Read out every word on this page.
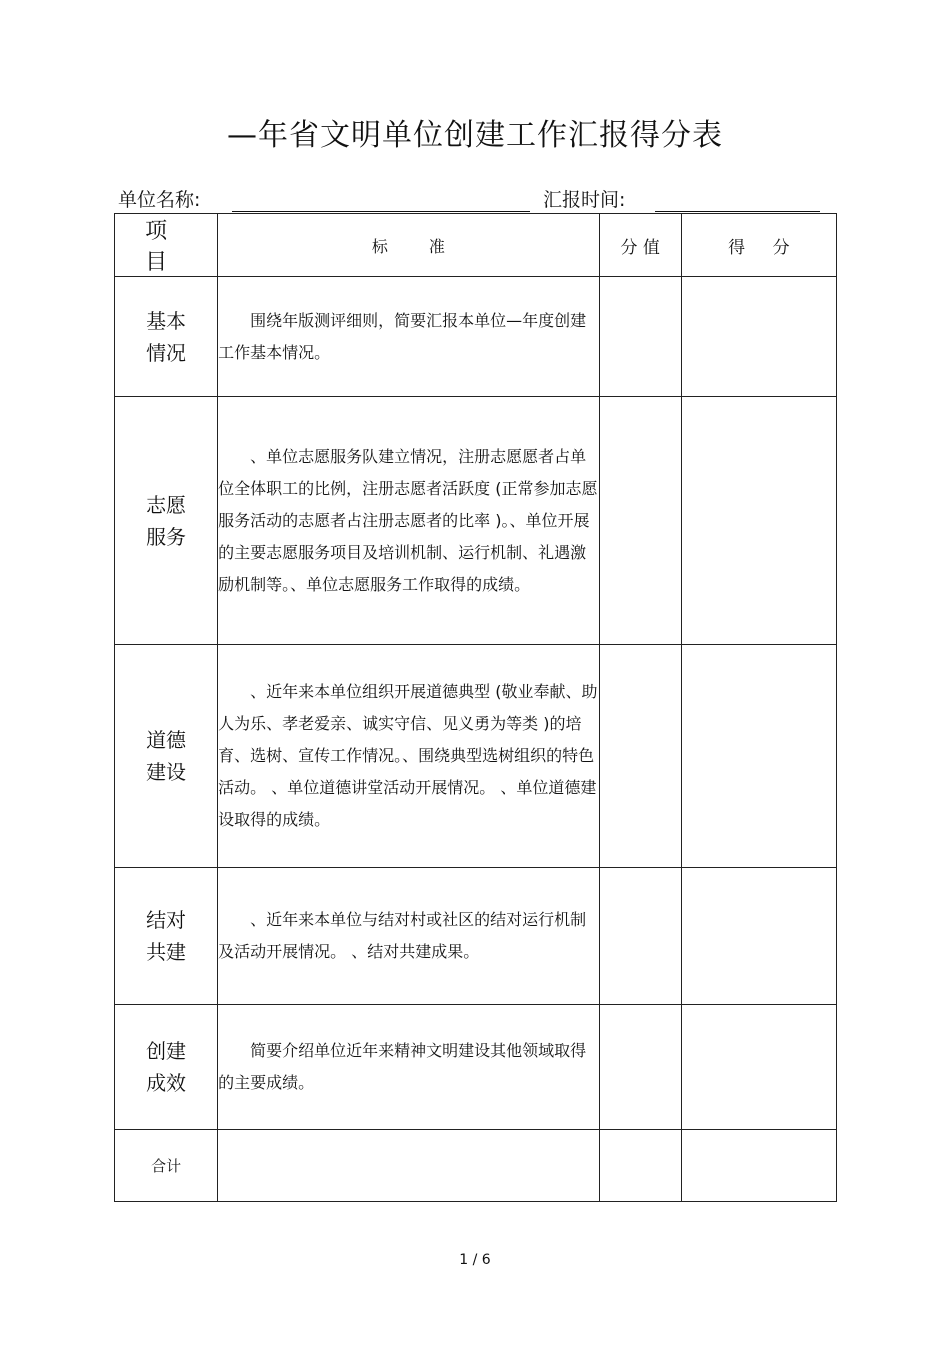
—年省文明单位创建工作汇报得分表
单位名称:	汇报时间:
项 目	标 准	分 值	得 分
基本情况	围绕年版测评细则，简要汇报本单位—年度创建工作基本情况。		
志愿服务	、单位志愿服务队建立情况，注册志愿愿者占单位全体职工的比例，注册志愿者活跃度 (正常参加志愿服务活动的志愿者占注册志愿者的比率 )。、单位开展的主要志愿服务项目及培训机制、运行机制、礼遇激励机制等。、单位志愿服务工作取得的成绩。		
道德建设	、近年来本单位组织开展道德典型 (敬业奉献、助人为乐、孝老爱亲、诚实守信、见义勇为等类 )的培育、选树、宣传工作情况。、围绕典型选树组织的特色活动。 、单位道德讲堂活动开展情况。 、单位道德建设取得的成绩。		
结对共建	、近年来本单位与结对村或社区的结对运行机制及活动开展情况。 、结对共建成果。		
创建成效	简要介绍单位近年来精神文明建设其他领域取得的主要成绩。		
合计			
1 / 6
